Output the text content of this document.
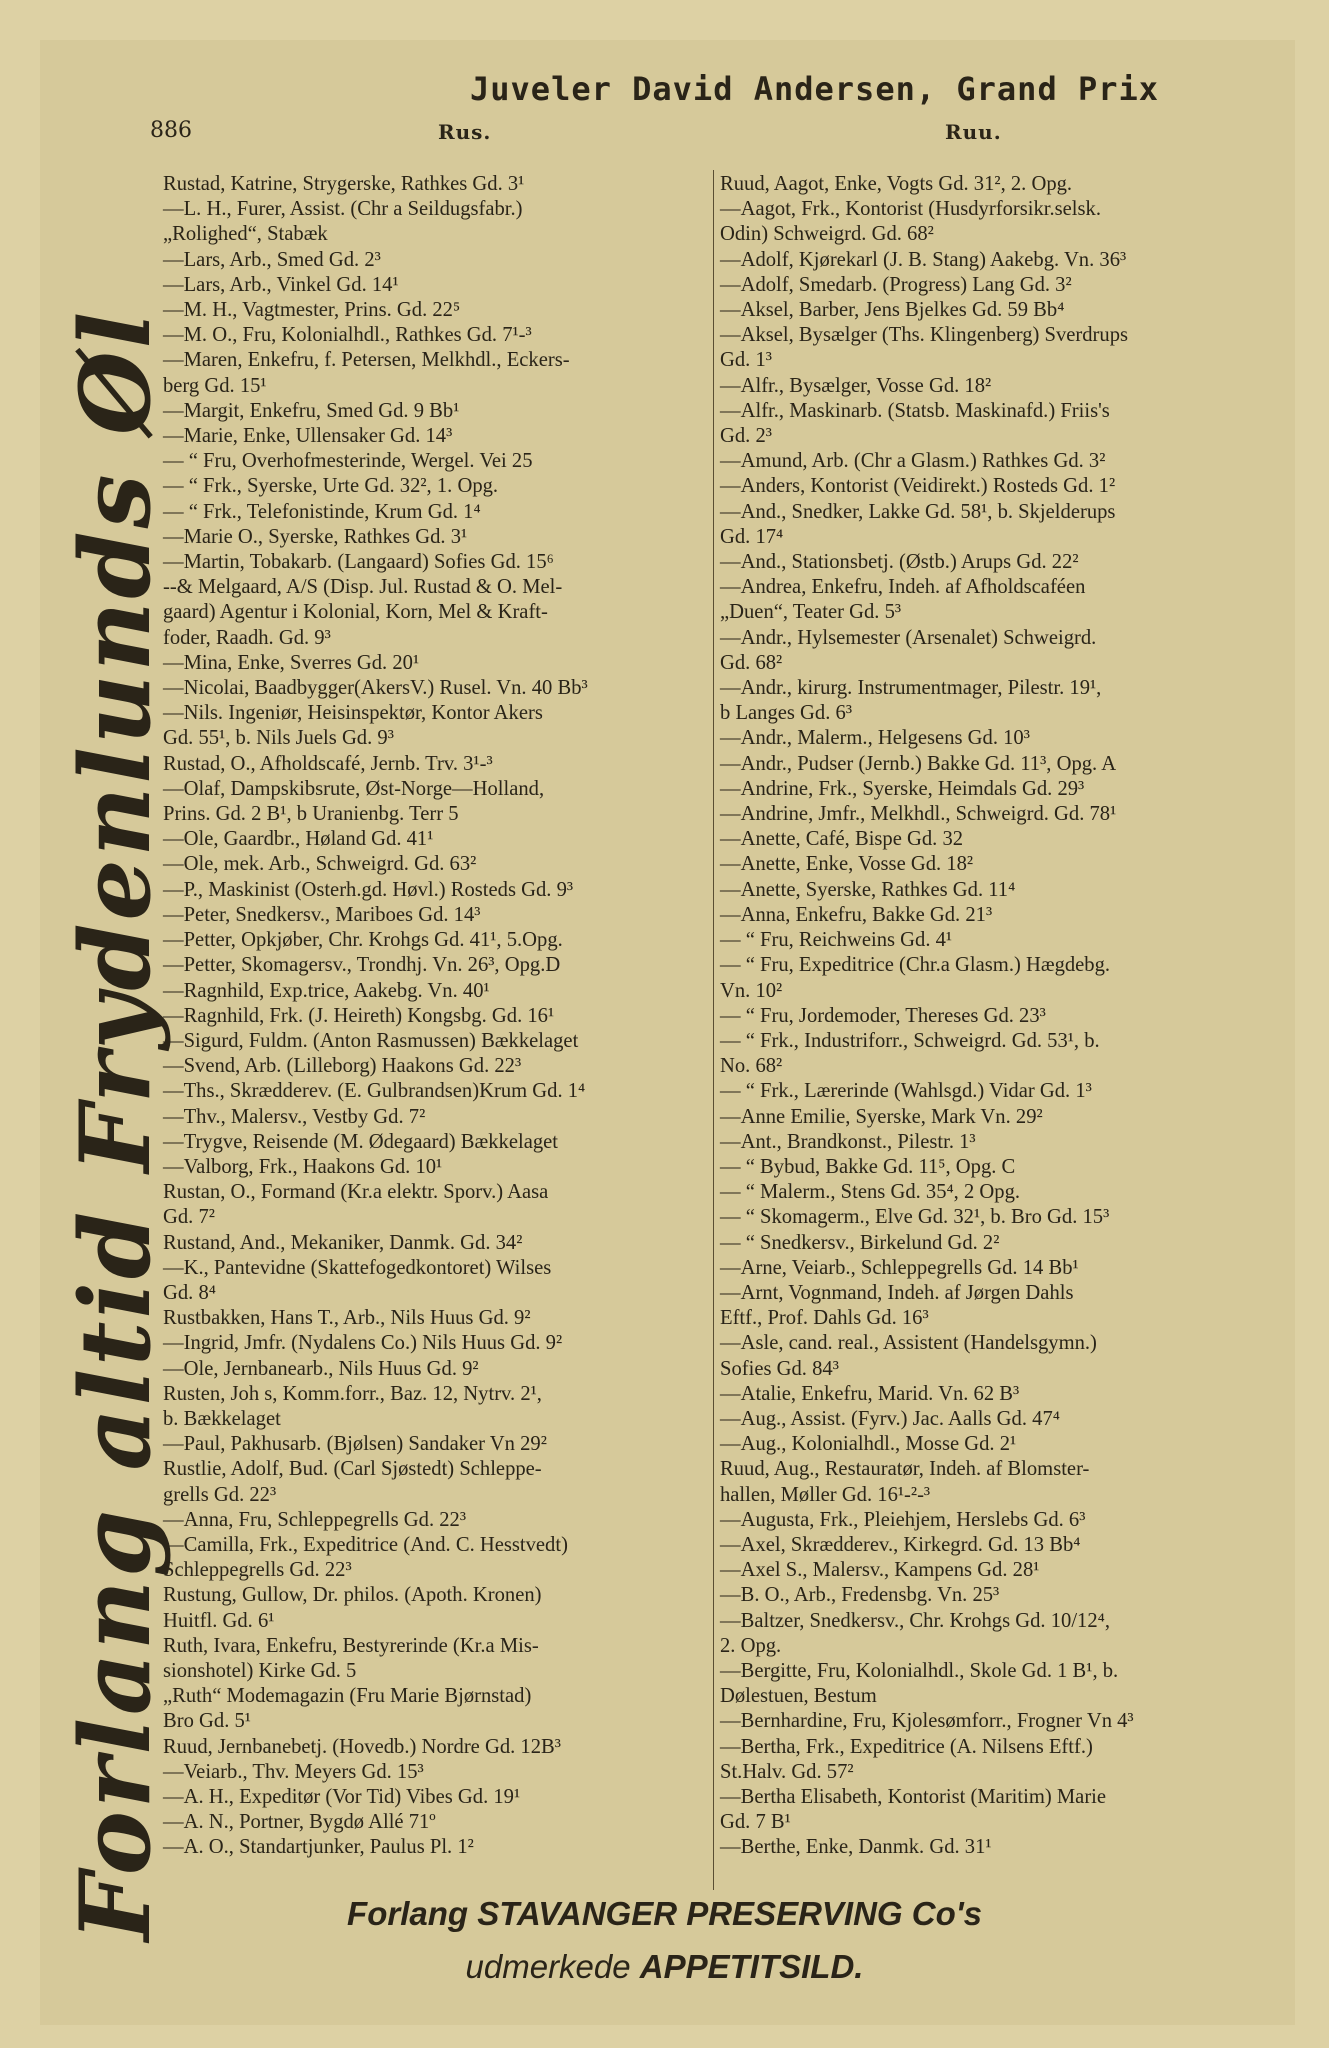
Juveler David Andersen, Grand Prix
886	Rus.	Ruu.
Forlang altid Frydenlunds Øl
Rustad, Katrine, Strygerske, Rathkes Gd. 3¹
—L. H., Furer, Assist. (Chr a Seildugsfabr.)
„Rolighed“, Stabæk
—Lars, Arb., Smed Gd. 2³
—Lars, Arb., Vinkel Gd. 14¹
—M. H., Vagtmester, Prins. Gd. 22⁵
—M. O., Fru, Kolonialhdl., Rathkes Gd. 7¹-³
—Maren, Enkefru, f. Petersen, Melkhdl., Eckers-
berg Gd. 15¹
—Margit, Enkefru, Smed Gd. 9 Bb¹
—Marie, Enke, Ullensaker Gd. 14³
— “ Fru, Overhofmesterinde, Wergel. Vei 25
— “ Frk., Syerske, Urte Gd. 32², 1. Opg.
— “ Frk., Telefonistinde, Krum Gd. 1⁴
—Marie O., Syerske, Rathkes Gd. 3¹
—Martin, Tobakarb. (Langaard) Sofies Gd. 15⁶
--& Melgaard, A/S (Disp. Jul. Rustad & O. Mel-
gaard) Agentur i Kolonial, Korn, Mel & Kraft-
foder, Raadh. Gd. 9³
—Mina, Enke, Sverres Gd. 20¹
—Nicolai, Baadbygger(AkersV.) Rusel. Vn. 40 Bb³
—Nils. Ingeniør, Heisinspektør, Kontor Akers
Gd. 55¹, b. Nils Juels Gd. 9³
Rustad, O., Afholdscafé, Jernb. Trv. 3¹-³
—Olaf, Dampskibsrute, Øst-Norge—Holland,
Prins. Gd. 2 B¹, b Uranienbg. Terr 5
—Ole, Gaardbr., Høland Gd. 41¹
—Ole, mek. Arb., Schweigrd. Gd. 63²
—P., Maskinist (Osterh.gd. Høvl.) Rosteds Gd. 9³
—Peter, Snedkersv., Mariboes Gd. 14³
—Petter, Opkjøber, Chr. Krohgs Gd. 41¹, 5.Opg.
—Petter, Skomagersv., Trondhj. Vn. 26³, Opg.D
—Ragnhild, Exp.trice, Aakebg. Vn. 40¹
—Ragnhild, Frk. (J. Heireth) Kongsbg. Gd. 16¹
—Sigurd, Fuldm. (Anton Rasmussen) Bækkelaget
—Svend, Arb. (Lilleborg) Haakons Gd. 22³
—Ths., Skrædderev. (E. Gulbrandsen)Krum Gd. 1⁴
—Thv., Malersv., Vestby Gd. 7²
—Trygve, Reisende (M. Ødegaard) Bækkelaget
—Valborg, Frk., Haakons Gd. 10¹
Rustan, O., Formand (Kr.a elektr. Sporv.) Aasa
Gd. 7²
Rustand, And., Mekaniker, Danmk. Gd. 34²
—K., Pantevidne (Skattefogedkontoret) Wilses
Gd. 8⁴
Rustbakken, Hans T., Arb., Nils Huus Gd. 9²
—Ingrid, Jmfr. (Nydalens Co.) Nils Huus Gd. 9²
—Ole, Jernbanearb., Nils Huus Gd. 9²
Rusten, Joh s, Komm.forr., Baz. 12, Nytrv. 2¹,
b. Bækkelaget
—Paul, Pakhusarb. (Bjølsen) Sandaker Vn 29²
Rustlie, Adolf, Bud. (Carl Sjøstedt) Schleppe-
grells Gd. 22³
—Anna, Fru, Schleppegrells Gd. 22³
—Camilla, Frk., Expeditrice (And. C. Hesstvedt)
Schleppegrells Gd. 22³
Rustung, Gullow, Dr. philos. (Apoth. Kronen)
Huitfl. Gd. 6¹
Ruth, Ivara, Enkefru, Bestyrerinde (Kr.a Mis-
sionshotel) Kirke Gd. 5
„Ruth“ Modemagazin (Fru Marie Bjørnstad)
Bro Gd. 5¹
Ruud, Jernbanebetj. (Hovedb.) Nordre Gd. 12B³
—Veiarb., Thv. Meyers Gd. 15³
—A. H., Expeditør (Vor Tid) Vibes Gd. 19¹
—A. N., Portner, Bygdø Allé 71º
—A. O., Standartjunker, Paulus Pl. 1²
Ruud, Aagot, Enke, Vogts Gd. 31², 2. Opg.
—Aagot, Frk., Kontorist (Husdyrforsikr.selsk.
Odin) Schweigrd. Gd. 68²
—Adolf, Kjørekarl (J. B. Stang) Aakebg. Vn. 36³
—Adolf, Smedarb. (Progress) Lang Gd. 3²
—Aksel, Barber, Jens Bjelkes Gd. 59 Bb⁴
—Aksel, Bysælger (Ths. Klingenberg) Sverdrups
Gd. 1³
—Alfr., Bysælger, Vosse Gd. 18²
—Alfr., Maskinarb. (Statsb. Maskinafd.) Friis's
Gd. 2³
—Amund, Arb. (Chr a Glasm.) Rathkes Gd. 3²
—Anders, Kontorist (Veidirekt.) Rosteds Gd. 1²
—And., Snedker, Lakke Gd. 58¹, b. Skjelderups
Gd. 17⁴
—And., Stationsbetj. (Østb.) Arups Gd. 22²
—Andrea, Enkefru, Indeh. af Afholdscaféen
„Duen“, Teater Gd. 5³
—Andr., Hylsemester (Arsenalet) Schweigrd.
Gd. 68²
—Andr., kirurg. Instrumentmager, Pilestr. 19¹,
b Langes Gd. 6³
—Andr., Malerm., Helgesens Gd. 10³
—Andr., Pudser (Jernb.) Bakke Gd. 11³, Opg. A
—Andrine, Frk., Syerske, Heimdals Gd. 29³
—Andrine, Jmfr., Melkhdl., Schweigrd. Gd. 78¹
—Anette, Café, Bispe Gd. 32
—Anette, Enke, Vosse Gd. 18²
—Anette, Syerske, Rathkes Gd. 11⁴
—Anna, Enkefru, Bakke Gd. 21³
— “ Fru, Reichweins Gd. 4¹
— “ Fru, Expeditrice (Chr.a Glasm.) Hægdebg.
Vn. 10²
— “ Fru, Jordemoder, Thereses Gd. 23³
— “ Frk., Industriforr., Schweigrd. Gd. 53¹, b.
No. 68²
— “ Frk., Lærerinde (Wahlsgd.) Vidar Gd. 1³
—Anne Emilie, Syerske, Mark Vn. 29²
—Ant., Brandkonst., Pilestr. 1³
— “ Bybud, Bakke Gd. 11⁵, Opg. C
— “ Malerm., Stens Gd. 35⁴, 2 Opg.
— “ Skomagerm., Elve Gd. 32¹, b. Bro Gd. 15³
— “ Snedkersv., Birkelund Gd. 2²
—Arne, Veiarb., Schleppegrells Gd. 14 Bb¹
—Arnt, Vognmand, Indeh. af Jørgen Dahls
Eftf., Prof. Dahls Gd. 16³
—Asle, cand. real., Assistent (Handelsgymn.)
Sofies Gd. 84³
—Atalie, Enkefru, Marid. Vn. 62 B³
—Aug., Assist. (Fyrv.) Jac. Aalls Gd. 47⁴
—Aug., Kolonialhdl., Mosse Gd. 2¹
Ruud, Aug., Restauratør, Indeh. af Blomster-
hallen, Møller Gd. 16¹-²-³
—Augusta, Frk., Pleiehjem, Herslebs Gd. 6³
—Axel, Skrædderev., Kirkegrd. Gd. 13 Bb⁴
—Axel S., Malersv., Kampens Gd. 28¹
—B. O., Arb., Fredensbg. Vn. 25³
—Baltzer, Snedkersv., Chr. Krohgs Gd. 10/12⁴,
2. Opg.
—Bergitte, Fru, Kolonialhdl., Skole Gd. 1 B¹, b.
Dølestuen, Bestum
—Bernhardine, Fru, Kjolesømforr., Frogner Vn 4³
—Bertha, Frk., Expeditrice (A. Nilsens Eftf.)
St.Halv. Gd. 57²
—Bertha Elisabeth, Kontorist (Maritim) Marie
Gd. 7 B¹
—Berthe, Enke, Danmk. Gd. 31¹
Forlang STAVANGER PRESERVING Co's
udmerkede APPETITSILD.
